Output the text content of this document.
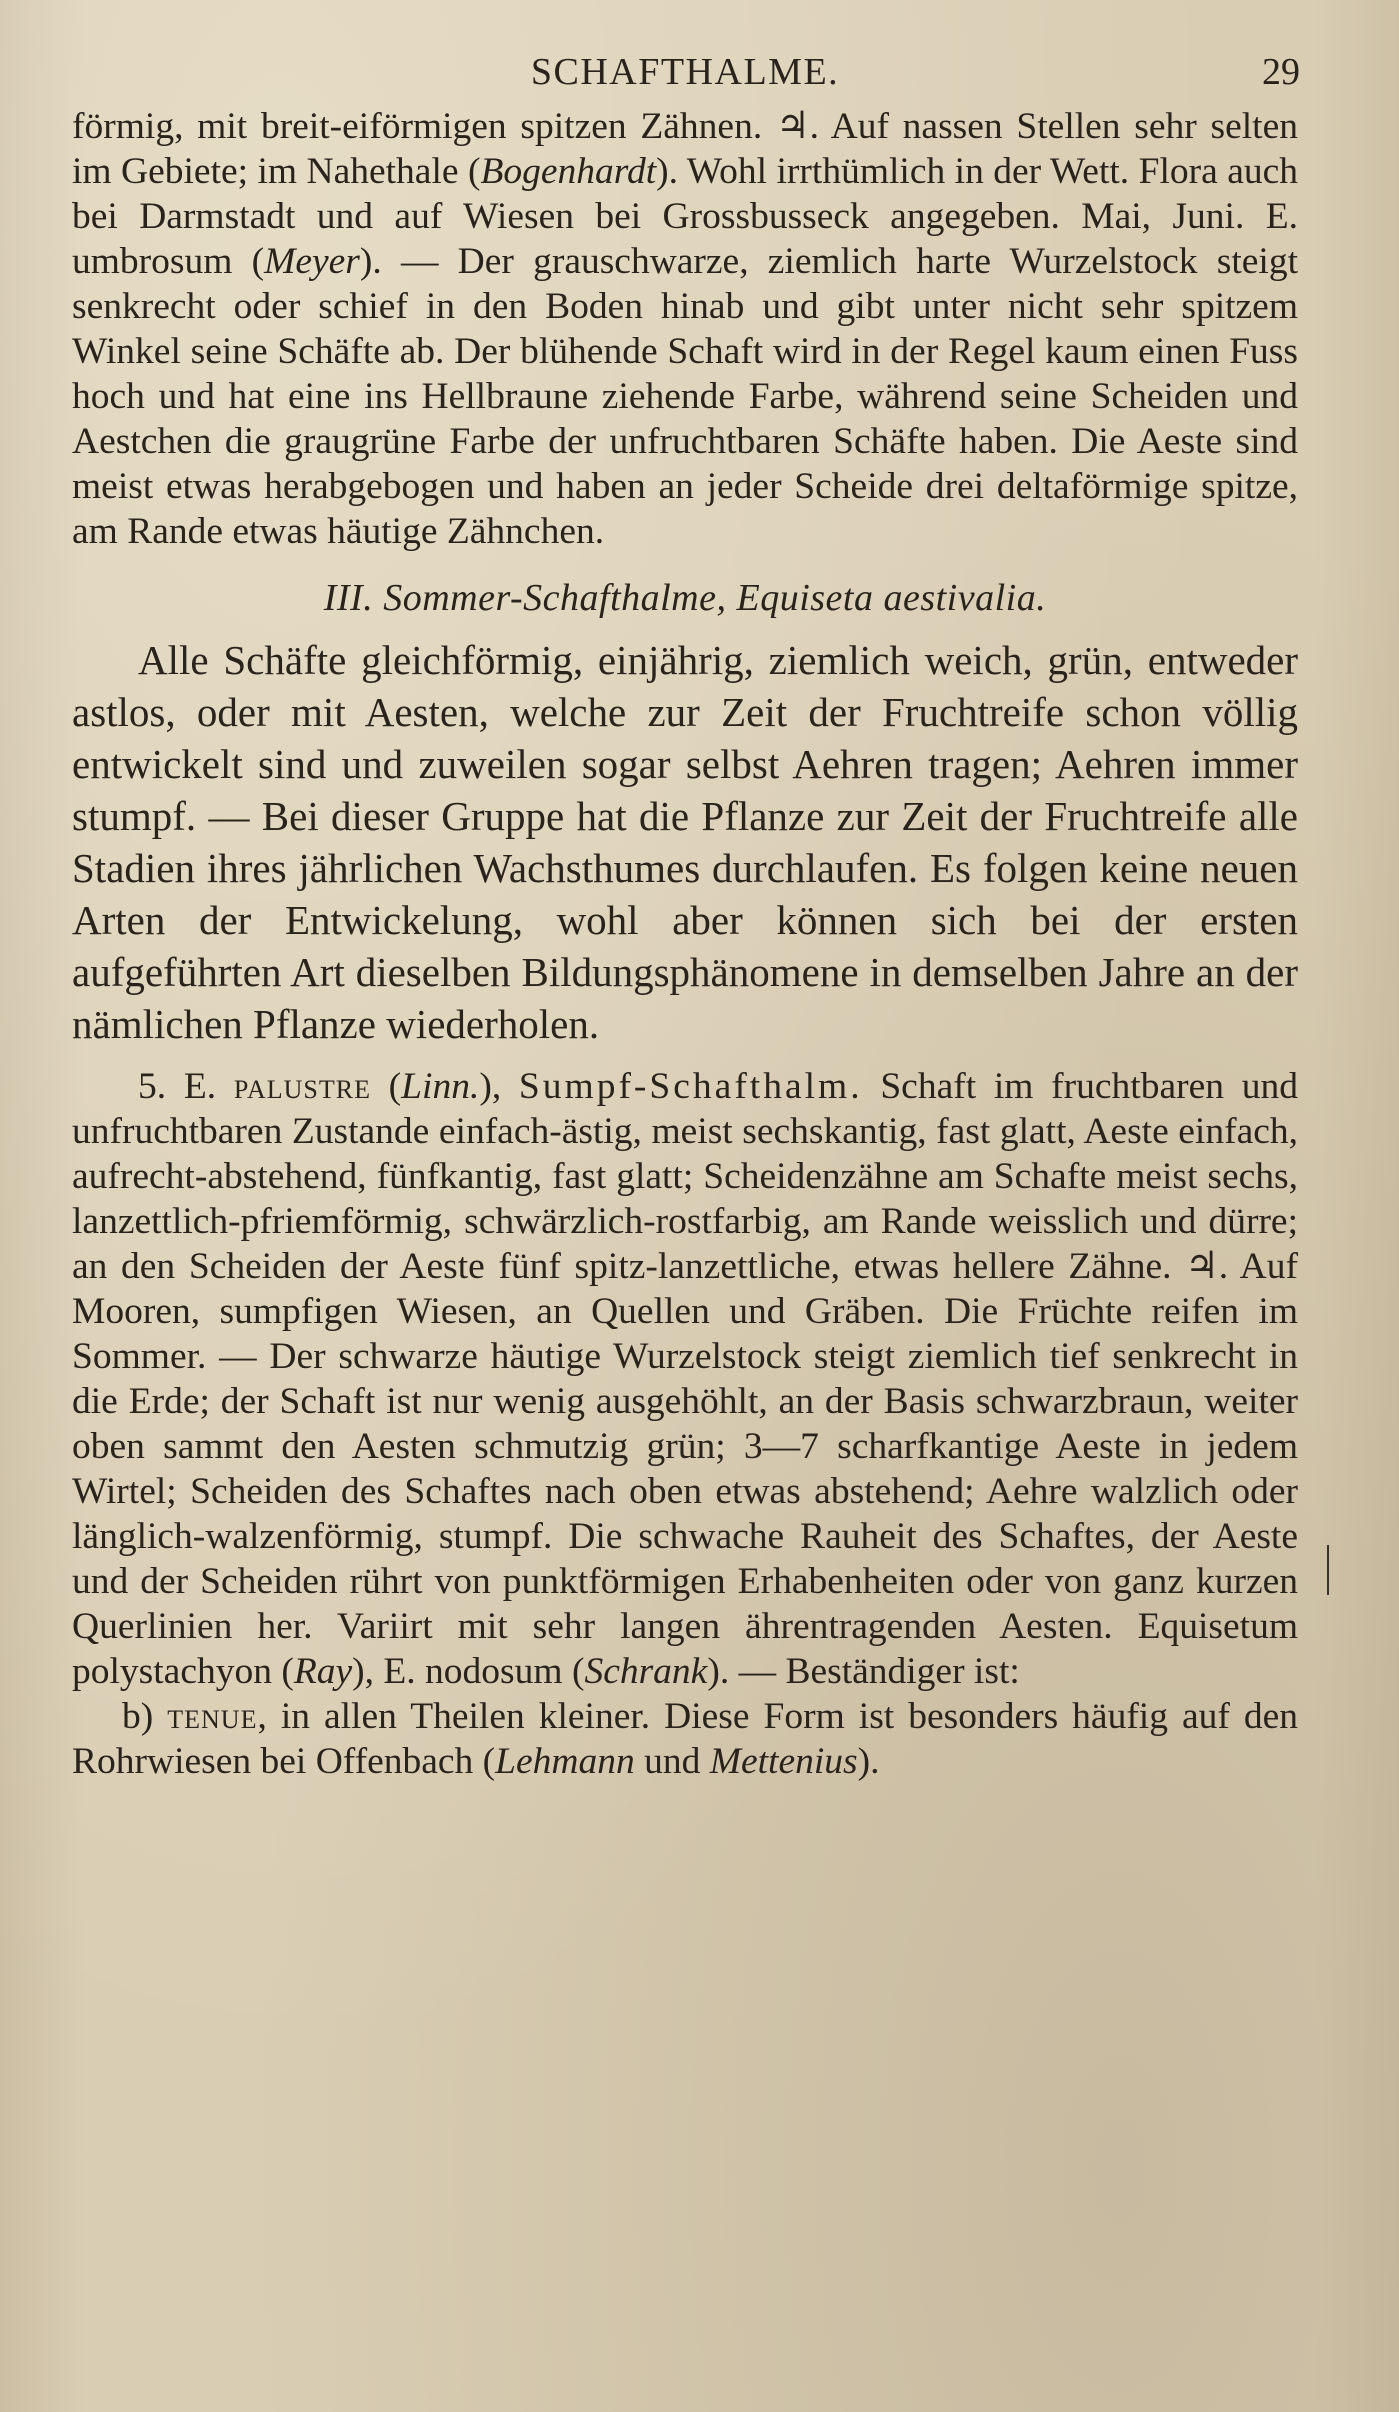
SCHAFTHALME.	29

förmig, mit breit-eiförmigen spitzen Zähnen. ♃. Auf nassen Stellen sehr selten im Gebiete; im Nahethale (Bogenhardt). Wohl irrthümlich in der Wett. Flora auch bei Darmstadt und auf Wiesen bei Grossbusseck angegeben. Mai, Juni. E. umbrosum (Meyer). — Der grauschwarze, ziemlich harte Wurzelstock steigt senkrecht oder schief in den Boden hinab und gibt unter nicht sehr spitzem Winkel seine Schäfte ab. Der blühende Schaft wird in der Regel kaum einen Fuss hoch und hat eine ins Hellbraune ziehende Farbe, während seine Scheiden und Aestchen die graugrüne Farbe der unfruchtbaren Schäfte haben. Die Aeste sind meist etwas herabgebogen und haben an jeder Scheide drei deltaförmige spitze, am Rande etwas häutige Zähnchen.

III. Sommer-Schafthalme, Equiseta aestivalia.

Alle Schäfte gleichförmig, einjährig, ziemlich weich, grün, entweder astlos, oder mit Aesten, welche zur Zeit der Fruchtreife schon völlig entwickelt sind und zuweilen sogar selbst Aehren tragen; Aehren immer stumpf. — Bei dieser Gruppe hat die Pflanze zur Zeit der Fruchtreife alle Stadien ihres jährlichen Wachsthumes durchlaufen. Es folgen keine neuen Arten der Entwickelung, wohl aber können sich bei der ersten aufgeführten Art dieselben Bildungsphänomene in demselben Jahre an der nämlichen Pflanze wiederholen.

5. E. palustre (Linn.), Sumpf-Schafthalm. Schaft im fruchtbaren und unfruchtbaren Zustande einfach-ästig, meist sechskantig, fast glatt, Aeste einfach, aufrecht-abstehend, fünfkantig, fast glatt; Scheidenzähne am Schafte meist sechs, lanzettlich-pfriemförmig, schwärzlich-rostfarbig, am Rande weisslich und dürre; an den Scheiden der Aeste fünf spitz-lanzettliche, etwas hellere Zähne. ♃. Auf Mooren, sumpfigen Wiesen, an Quellen und Gräben. Die Früchte reifen im Sommer. — Der schwarze häutige Wurzelstock steigt ziemlich tief senkrecht in die Erde; der Schaft ist nur wenig ausgehöhlt, an der Basis schwarzbraun, weiter oben sammt den Aesten schmutzig grün; 3—7 scharfkantige Aeste in jedem Wirtel; Scheiden des Schaftes nach oben etwas abstehend; Aehre walzlich oder länglich-walzenförmig, stumpf. Die schwache Rauheit des Schaftes, der Aeste und der Scheiden rührt von punktförmigen Erhabenheiten oder von ganz kurzen Querlinien her. Variirt mit sehr langen ährentragenden Aesten. Equisetum polystachyon (Ray), E. nodosum (Schrank). — Beständiger ist:

b) tenue, in allen Theilen kleiner. Diese Form ist besonders häufig auf den Rohrwiesen bei Offenbach (Lehmann und Mettenius).
